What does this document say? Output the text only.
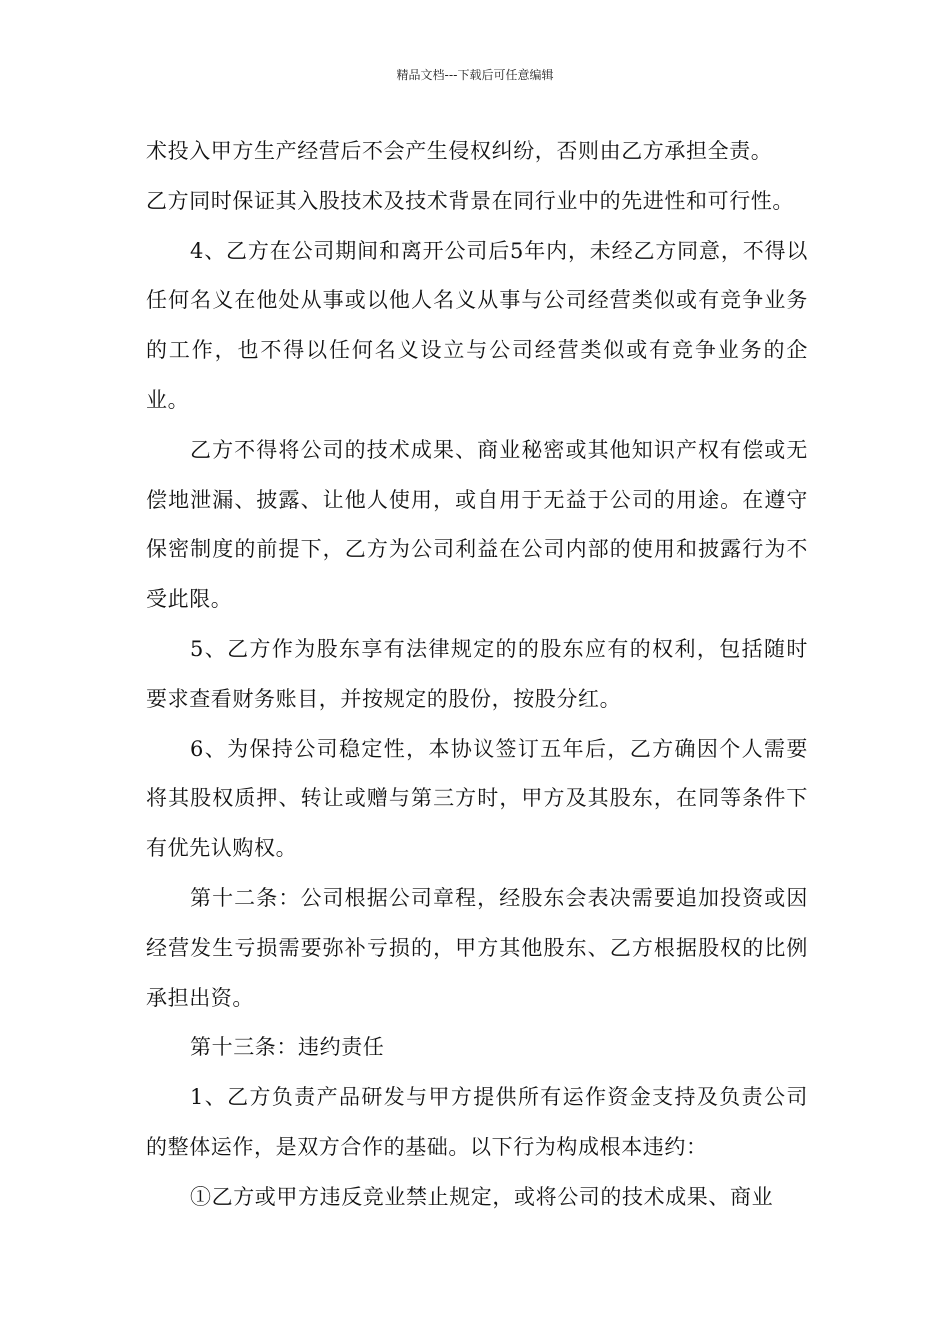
精品文档---下载后可任意编辑

术投入甲方生产经营后不会产生侵权纠纷，否则由乙方承担全责。

乙方同时保证其入股技术及技术背景在同行业中的先进性和可行性。

4、乙方在公司期间和离开公司后5年内，未经乙方同意，不得以任何名义在他处从事或以他人名义从事与公司经营类似或有竞争业务的工作，也不得以任何名义设立与公司经营类似或有竞争业务的企业。

乙方不得将公司的技术成果、商业秘密或其他知识产权有偿或无偿地泄漏、披露、让他人使用，或自用于无益于公司的用途。在遵守保密制度的前提下，乙方为公司利益在公司内部的使用和披露行为不受此限。

5、乙方作为股东享有法律规定的的股东应有的权利，包括随时要求查看财务账目，并按规定的股份，按股分红。

6、为保持公司稳定性，本协议签订五年后，乙方确因个人需要将其股权质押、转让或赠与第三方时，甲方及其股东，在同等条件下有优先认购权。

第十二条：公司根据公司章程，经股东会表决需要追加投资或因经营发生亏损需要弥补亏损的，甲方其他股东、乙方根据股权的比例承担出资。

第十三条：违约责任

1、乙方负责产品研发与甲方提供所有运作资金支持及负责公司的整体运作，是双方合作的基础。以下行为构成根本违约：

①乙方或甲方违反竞业禁止规定，或将公司的技术成果、商业
